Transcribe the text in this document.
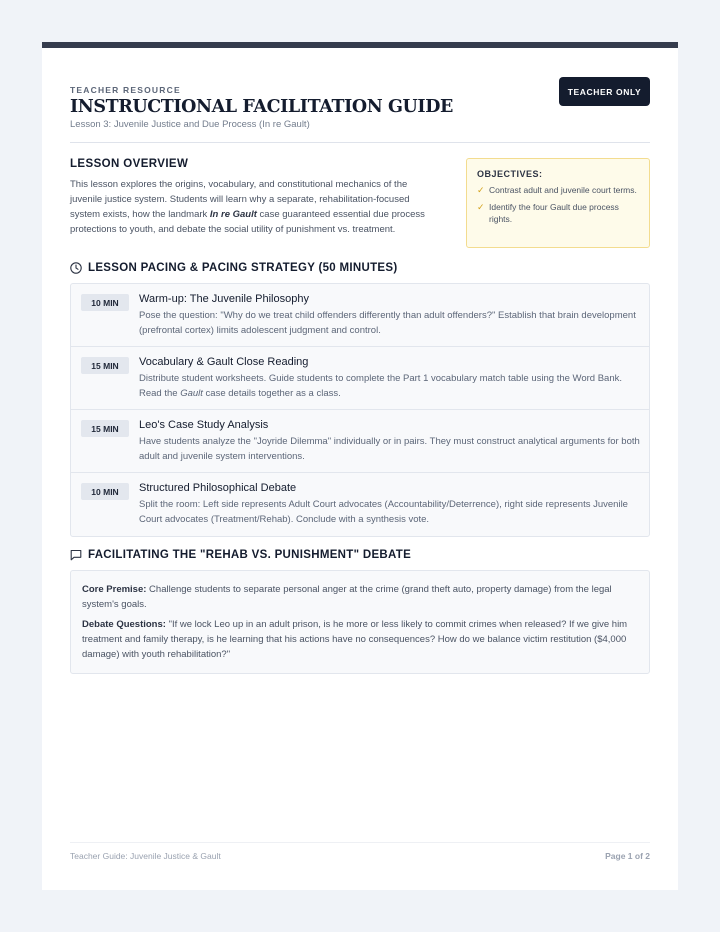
TEACHER RESOURCE
INSTRUCTIONAL FACILITATION GUIDE
Lesson 3: Juvenile Justice and Due Process (In re Gault)
TEACHER ONLY
LESSON OVERVIEW
This lesson explores the origins, vocabulary, and constitutional mechanics of the juvenile justice system. Students will learn why a separate, rehabilitation-focused system exists, how the landmark In re Gault case guaranteed essential due process protections to youth, and debate the social utility of punishment vs. treatment.
OBJECTIVES:
✓ Contrast adult and juvenile court terms.
✓ Identify the four Gault due process rights.
LESSON PACING & PACING STRATEGY (50 MINUTES)
10 MIN	Warm-up: The Juvenile Philosophy
Pose the question: "Why do we treat child offenders differently than adult offenders?" Establish that brain development (prefrontal cortex) limits adolescent judgment and control.
15 MIN	Vocabulary & Gault Close Reading
Distribute student worksheets. Guide students to complete the Part 1 vocabulary match table using the Word Bank. Read the Gault case details together as a class.
15 MIN	Leo's Case Study Analysis
Have students analyze the "Joyride Dilemma" individually or in pairs. They must construct analytical arguments for both adult and juvenile system interventions.
10 MIN	Structured Philosophical Debate
Split the room: Left side represents Adult Court advocates (Accountability/Deterrence), right side represents Juvenile Court advocates (Treatment/Rehab). Conclude with a synthesis vote.
FACILITATING THE "REHAB VS. PUNISHMENT" DEBATE

Core Premise: Challenge students to separate personal anger at the crime (grand theft auto, property damage) from the legal system's goals.

Debate Questions: "If we lock Leo up in an adult prison, is he more or less likely to commit crimes when released? If we give him treatment and family therapy, is he learning that his actions have no consequences? How do we balance victim restitution ($4,000 damage) with youth rehabilitation?"

Teacher Guide: Juvenile Justice & Gault	Page 1 of 2
